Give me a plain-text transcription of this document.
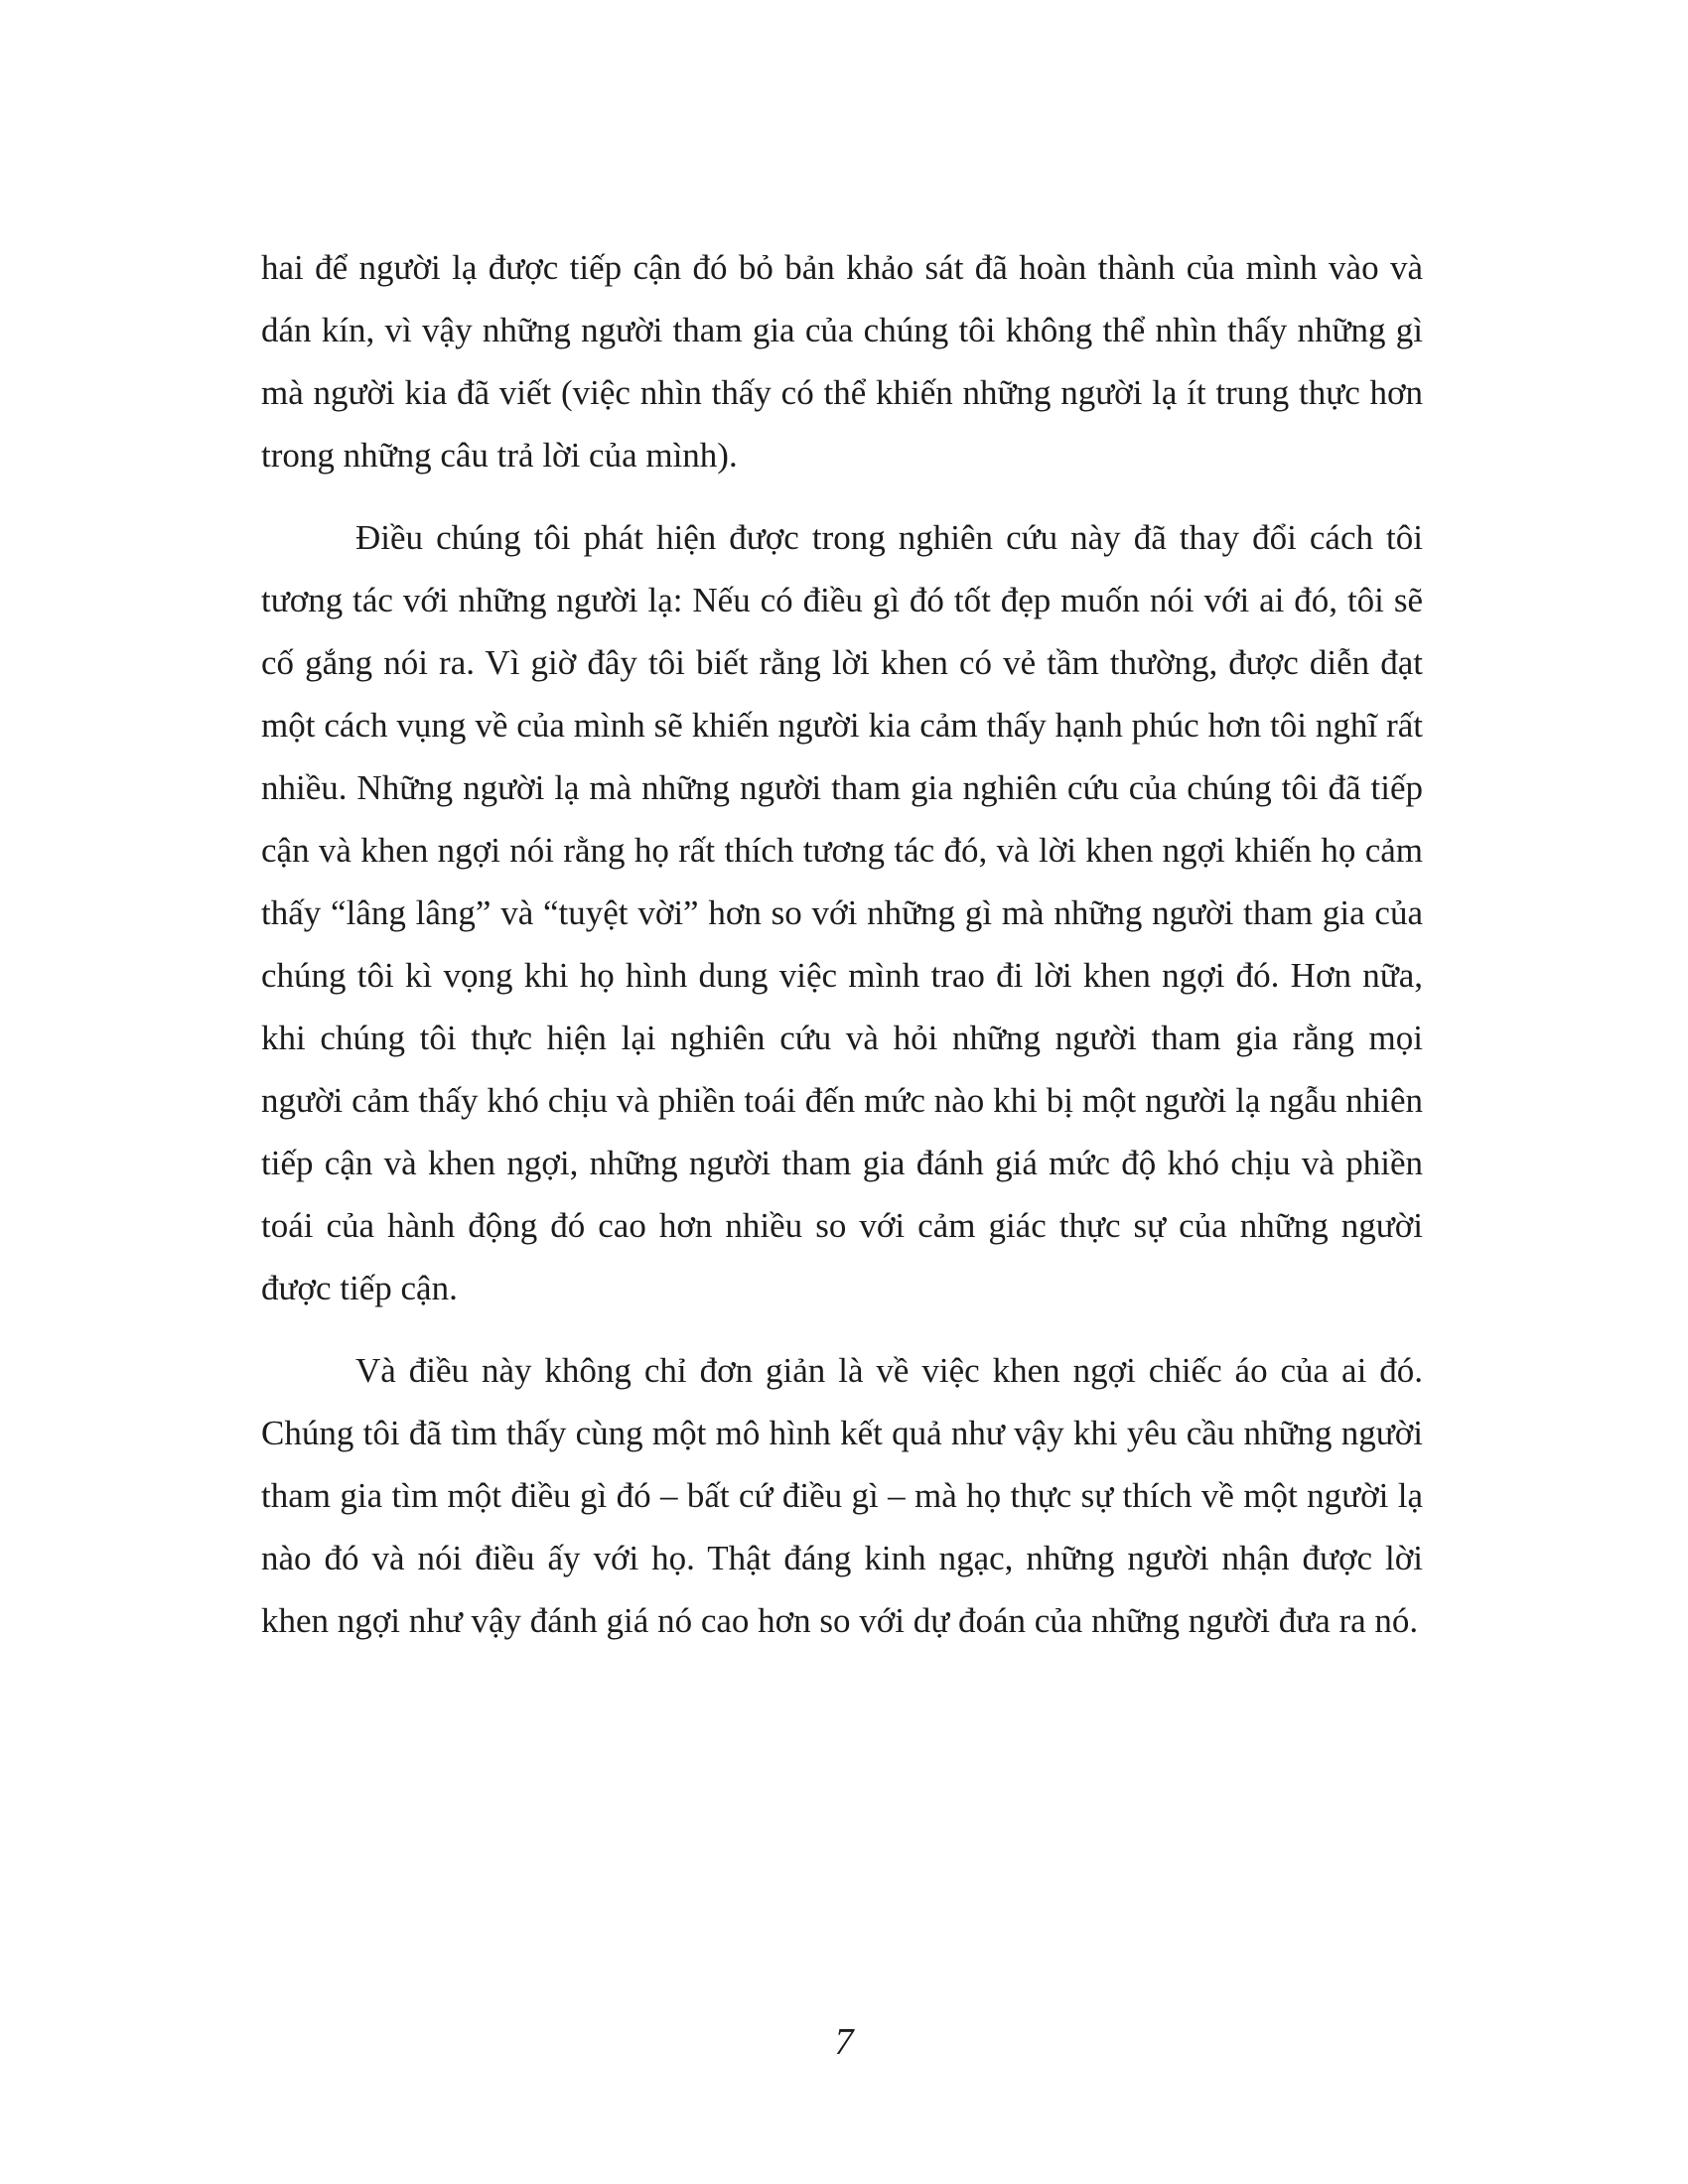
hai để người lạ được tiếp cận đó bỏ bản khảo sát đã hoàn thành của mình vào và dán kín, vì vậy những người tham gia của chúng tôi không thể nhìn thấy những gì mà người kia đã viết (việc nhìn thấy có thể khiến những người lạ ít trung thực hơn trong những câu trả lời của mình).

Điều chúng tôi phát hiện được trong nghiên cứu này đã thay đổi cách tôi tương tác với những người lạ: Nếu có điều gì đó tốt đẹp muốn nói với ai đó, tôi sẽ cố gắng nói ra. Vì giờ đây tôi biết rằng lời khen có vẻ tầm thường, được diễn đạt một cách vụng về của mình sẽ khiến người kia cảm thấy hạnh phúc hơn tôi nghĩ rất nhiều. Những người lạ mà những người tham gia nghiên cứu của chúng tôi đã tiếp cận và khen ngợi nói rằng họ rất thích tương tác đó, và lời khen ngợi khiến họ cảm thấy “lâng lâng” và “tuyệt vời” hơn so với những gì mà những người tham gia của chúng tôi kì vọng khi họ hình dung việc mình trao đi lời khen ngợi đó. Hơn nữa, khi chúng tôi thực hiện lại nghiên cứu và hỏi những người tham gia rằng mọi người cảm thấy khó chịu và phiền toái đến mức nào khi bị một người lạ ngẫu nhiên tiếp cận và khen ngợi, những người tham gia đánh giá mức độ khó chịu và phiền toái của hành động đó cao hơn nhiều so với cảm giác thực sự của những người được tiếp cận.

Và điều này không chỉ đơn giản là về việc khen ngợi chiếc áo của ai đó. Chúng tôi đã tìm thấy cùng một mô hình kết quả như vậy khi yêu cầu những người tham gia tìm một điều gì đó – bất cứ điều gì – mà họ thực sự thích về một người lạ nào đó và nói điều ấy với họ. Thật đáng kinh ngạc, những người nhận được lời khen ngợi như vậy đánh giá nó cao hơn so với dự đoán của những người đưa ra nó.

7
